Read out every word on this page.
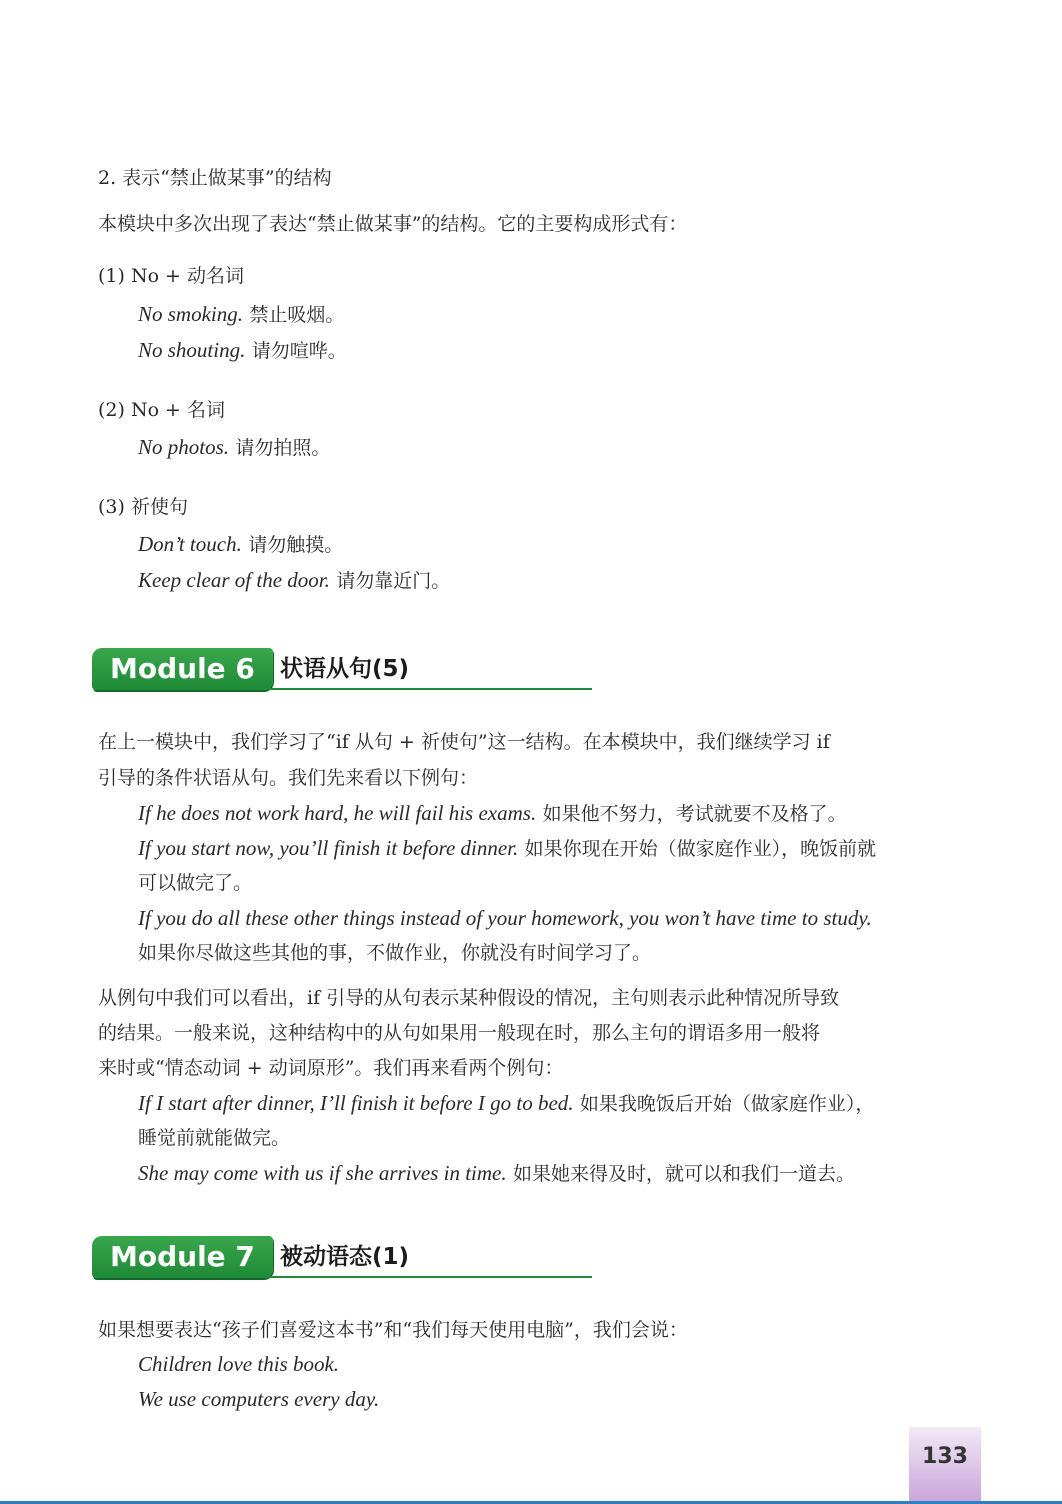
2. 表示“禁止做某事”的结构
本模块中多次出现了表达“禁止做某事”的结构。它的主要构成形式有：
(1) No + 动名词
No smoking. 禁止吸烟。
No shouting. 请勿喧哗。
(2) No + 名词
No photos. 请勿拍照。
(3) 祈使句
Don’t touch. 请勿触摸。
Keep clear of the door. 请勿靠近门。
Module 6	状语从句(5)
在上一模块中，我们学习了“if 从句 + 祈使句”这一结构。在本模块中，我们继续学习 if
引导的条件状语从句。我们先来看以下例句：
If he does not work hard, he will fail his exams. 如果他不努力，考试就要不及格了。
If you start now, you’ll finish it before dinner. 如果你现在开始（做家庭作业），晚饭前就
可以做完了。
If you do all these other things instead of your homework, you won’t have time to study.
如果你尽做这些其他的事，不做作业，你就没有时间学习了。
从例句中我们可以看出，if 引导的从句表示某种假设的情况，主句则表示此种情况所导致
的结果。一般来说，这种结构中的从句如果用一般现在时，那么主句的谓语多用一般将
来时或“情态动词 + 动词原形”。我们再来看两个例句：
If I start after dinner, I’ll finish it before I go to bed. 如果我晚饭后开始（做家庭作业），
睡觉前就能做完。
She may come with us if she arrives in time. 如果她来得及时，就可以和我们一道去。
Module 7	被动语态(1)
如果想要表达“孩子们喜爱这本书”和“我们每天使用电脑”，我们会说：
Children love this book.
We use computers every day.
133
